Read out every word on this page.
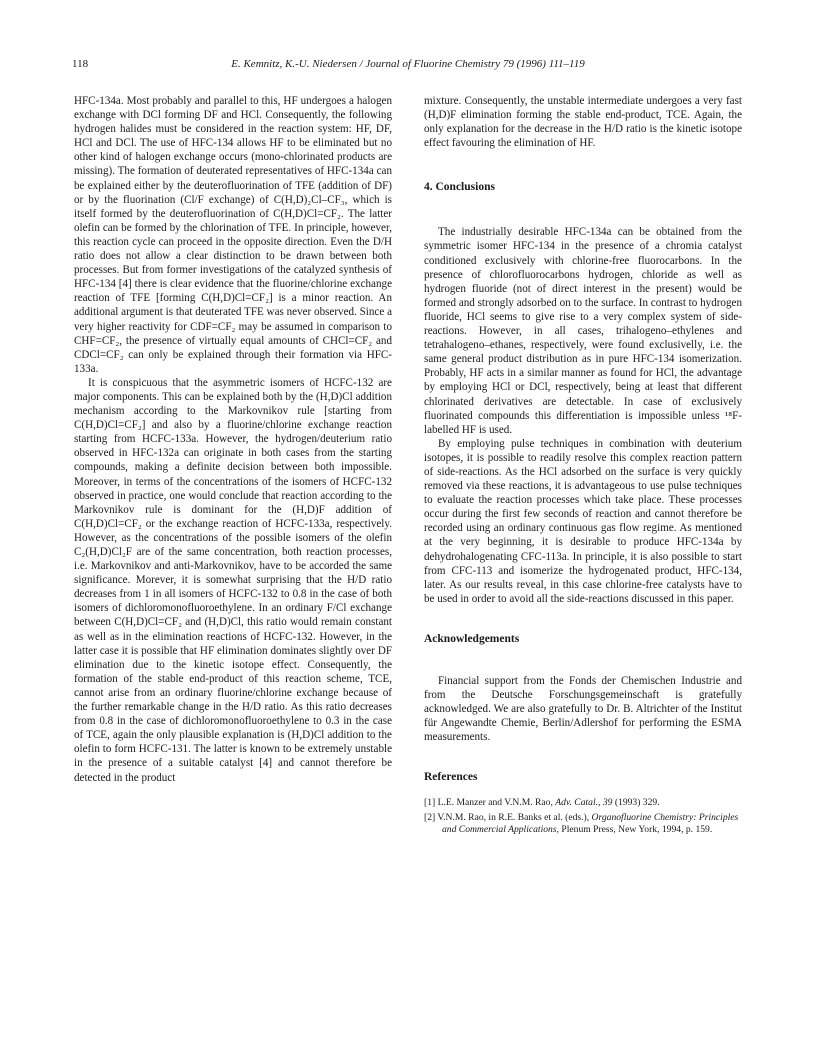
118	E. Kemnitz, K.-U. Niedersen / Journal of Fluorine Chemistry 79 (1996) 111–119

HFC-134a. Most probably and parallel to this, HF undergoes a halogen exchange with DCl forming DF and HCl. Consequently, the following hydrogen halides must be considered in the reaction system: HF, DF, HCl and DCl. The use of HFC-134 allows HF to be eliminated but no other kind of halogen exchange occurs (mono-chlorinated products are missing). The formation of deuterated representatives of HFC-134a can be explained either by the deuterofluorination of TFE (addition of DF) or by the fluorination (Cl/F exchange) of C(H,D)₂Cl–CF₃, which is itself formed by the deuterofluorination of C(H,D)Cl=CF₂. The latter olefin can be formed by the chlorination of TFE. In principle, however, this reaction cycle can proceed in the opposite direction. Even the D/H ratio does not allow a clear distinction to be drawn between both processes. But from former investigations of the catalyzed synthesis of HFC-134 [4] there is clear evidence that the fluorine/chlorine exchange reaction of TFE [forming C(H,D)Cl=CF₂] is a minor reaction. An additional argument is that deuterated TFE was never observed. Since a very higher reactivity for CDF=CF₂ may be assumed in comparison to CHF=CF₂, the presence of virtually equal amounts of CHCl=CF₂ and CDCl=CF₂ can only be explained through their formation via HFC-133a.

It is conspicuous that the asymmetric isomers of HCFC-132 are major components. This can be explained both by the (H,D)Cl addition mechanism according to the Markovnikov rule [starting from C(H,D)Cl=CF₂] and also by a fluorine/chlorine exchange reaction starting from HCFC-133a. However, the hydrogen/deuterium ratio observed in HFC-132a can originate in both cases from the starting compounds, making a definite decision between both impossible. Moreover, in terms of the concentrations of the isomers of HCFC-132 observed in practice, one would conclude that reaction according to the Markovnikov rule is dominant for the (H,D)F addition of C(H,D)Cl=CF₂ or the exchange reaction of HCFC-133a, respectively. However, as the concentrations of the possible isomers of the olefin C₂(H,D)Cl₂F are of the same concentration, both reaction processes, i.e. Markovnikov and anti-Markovnikov, have to be accorded the same significance. Morever, it is somewhat surprising that the H/D ratio decreases from 1 in all isomers of HCFC-132 to 0.8 in the case of both isomers of dichloromonofluoroethylene. In an ordinary F/Cl exchange between C(H,D)Cl=CF₂ and (H,D)Cl, this ratio would remain constant as well as in the elimination reactions of HCFC-132. However, in the latter case it is possible that HF elimination dominates slightly over DF elimination due to the kinetic isotope effect. Consequently, the formation of the stable end-product of this reaction scheme, TCE, cannot arise from an ordinary fluorine/chlorine exchange because of the further remarkable change in the H/D ratio. As this ratio decreases from 0.8 in the case of dichloromonofluoroethylene to 0.3 in the case of TCE, again the only plausible explanation is (H,D)Cl addition to the olefin to form HCFC-131. The latter is known to be extremely unstable in the presence of a suitable catalyst [4] and cannot therefore be detected in the product

mixture. Consequently, the unstable intermediate undergoes a very fast (H,D)F elimination forming the stable end-product, TCE. Again, the only explanation for the decrease in the H/D ratio is the kinetic isotope effect favouring the elimination of HF.

4. Conclusions

The industrially desirable HFC-134a can be obtained from the symmetric isomer HFC-134 in the presence of a chromia catalyst conditioned exclusively with chlorine-free fluorocarbons. In the presence of chlorofluorocarbons hydrogen, chloride as well as hydrogen fluoride (not of direct interest in the present) would be formed and strongly adsorbed on to the surface. In contrast to hydrogen fluoride, HCl seems to give rise to a very complex system of side-reactions. However, in all cases, trihalogeno–ethylenes and tetrahalogeno–ethanes, respectively, were found exclusivelly, i.e. the same general product distribution as in pure HFC-134 isomerization. Probably, HF acts in a similar manner as found for HCl, the advantage by employing HCl or DCl, respectively, being at least that different chlorinated derivatives are detectable. In case of exclusively fluorinated compounds this differentiation is impossible unless ¹⁸F-labelled HF is used.

By employing pulse techniques in combination with deuterium isotopes, it is possible to readily resolve this complex reaction pattern of side-reactions. As the HCl adsorbed on the surface is very quickly removed via these reactions, it is advantageous to use pulse techniques to evaluate the reaction processes which take place. These processes occur during the first few seconds of reaction and cannot therefore be recorded using an ordinary continuous gas flow regime. As mentioned at the very beginning, it is desirable to produce HFC-134a by dehydrohalogenating CFC-113a. In principle, it is also possible to start from CFC-113 and isomerize the hydrogenated product, HFC-134, later. As our results reveal, in this case chlorine-free catalysts have to be used in order to avoid all the side-reactions discussed in this paper.

Acknowledgements

Financial support from the Fonds der Chemischen Industrie and from the Deutsche Forschungsgemeinschaft is gratefully acknowledged. We are also gratefully to Dr. B. Altrichter of the Institut für Angewandte Chemie, Berlin/Adlershof for performing the ESMA measurements.

References

[1] L.E. Manzer and V.N.M. Rao, Adv. Catal., 39 (1993) 329.

[2] V.N.M. Rao, in R.E. Banks et al. (eds.), Organofluorine Chemistry: Principles and Commercial Applications, Plenum Press, New York, 1994, p. 159.
